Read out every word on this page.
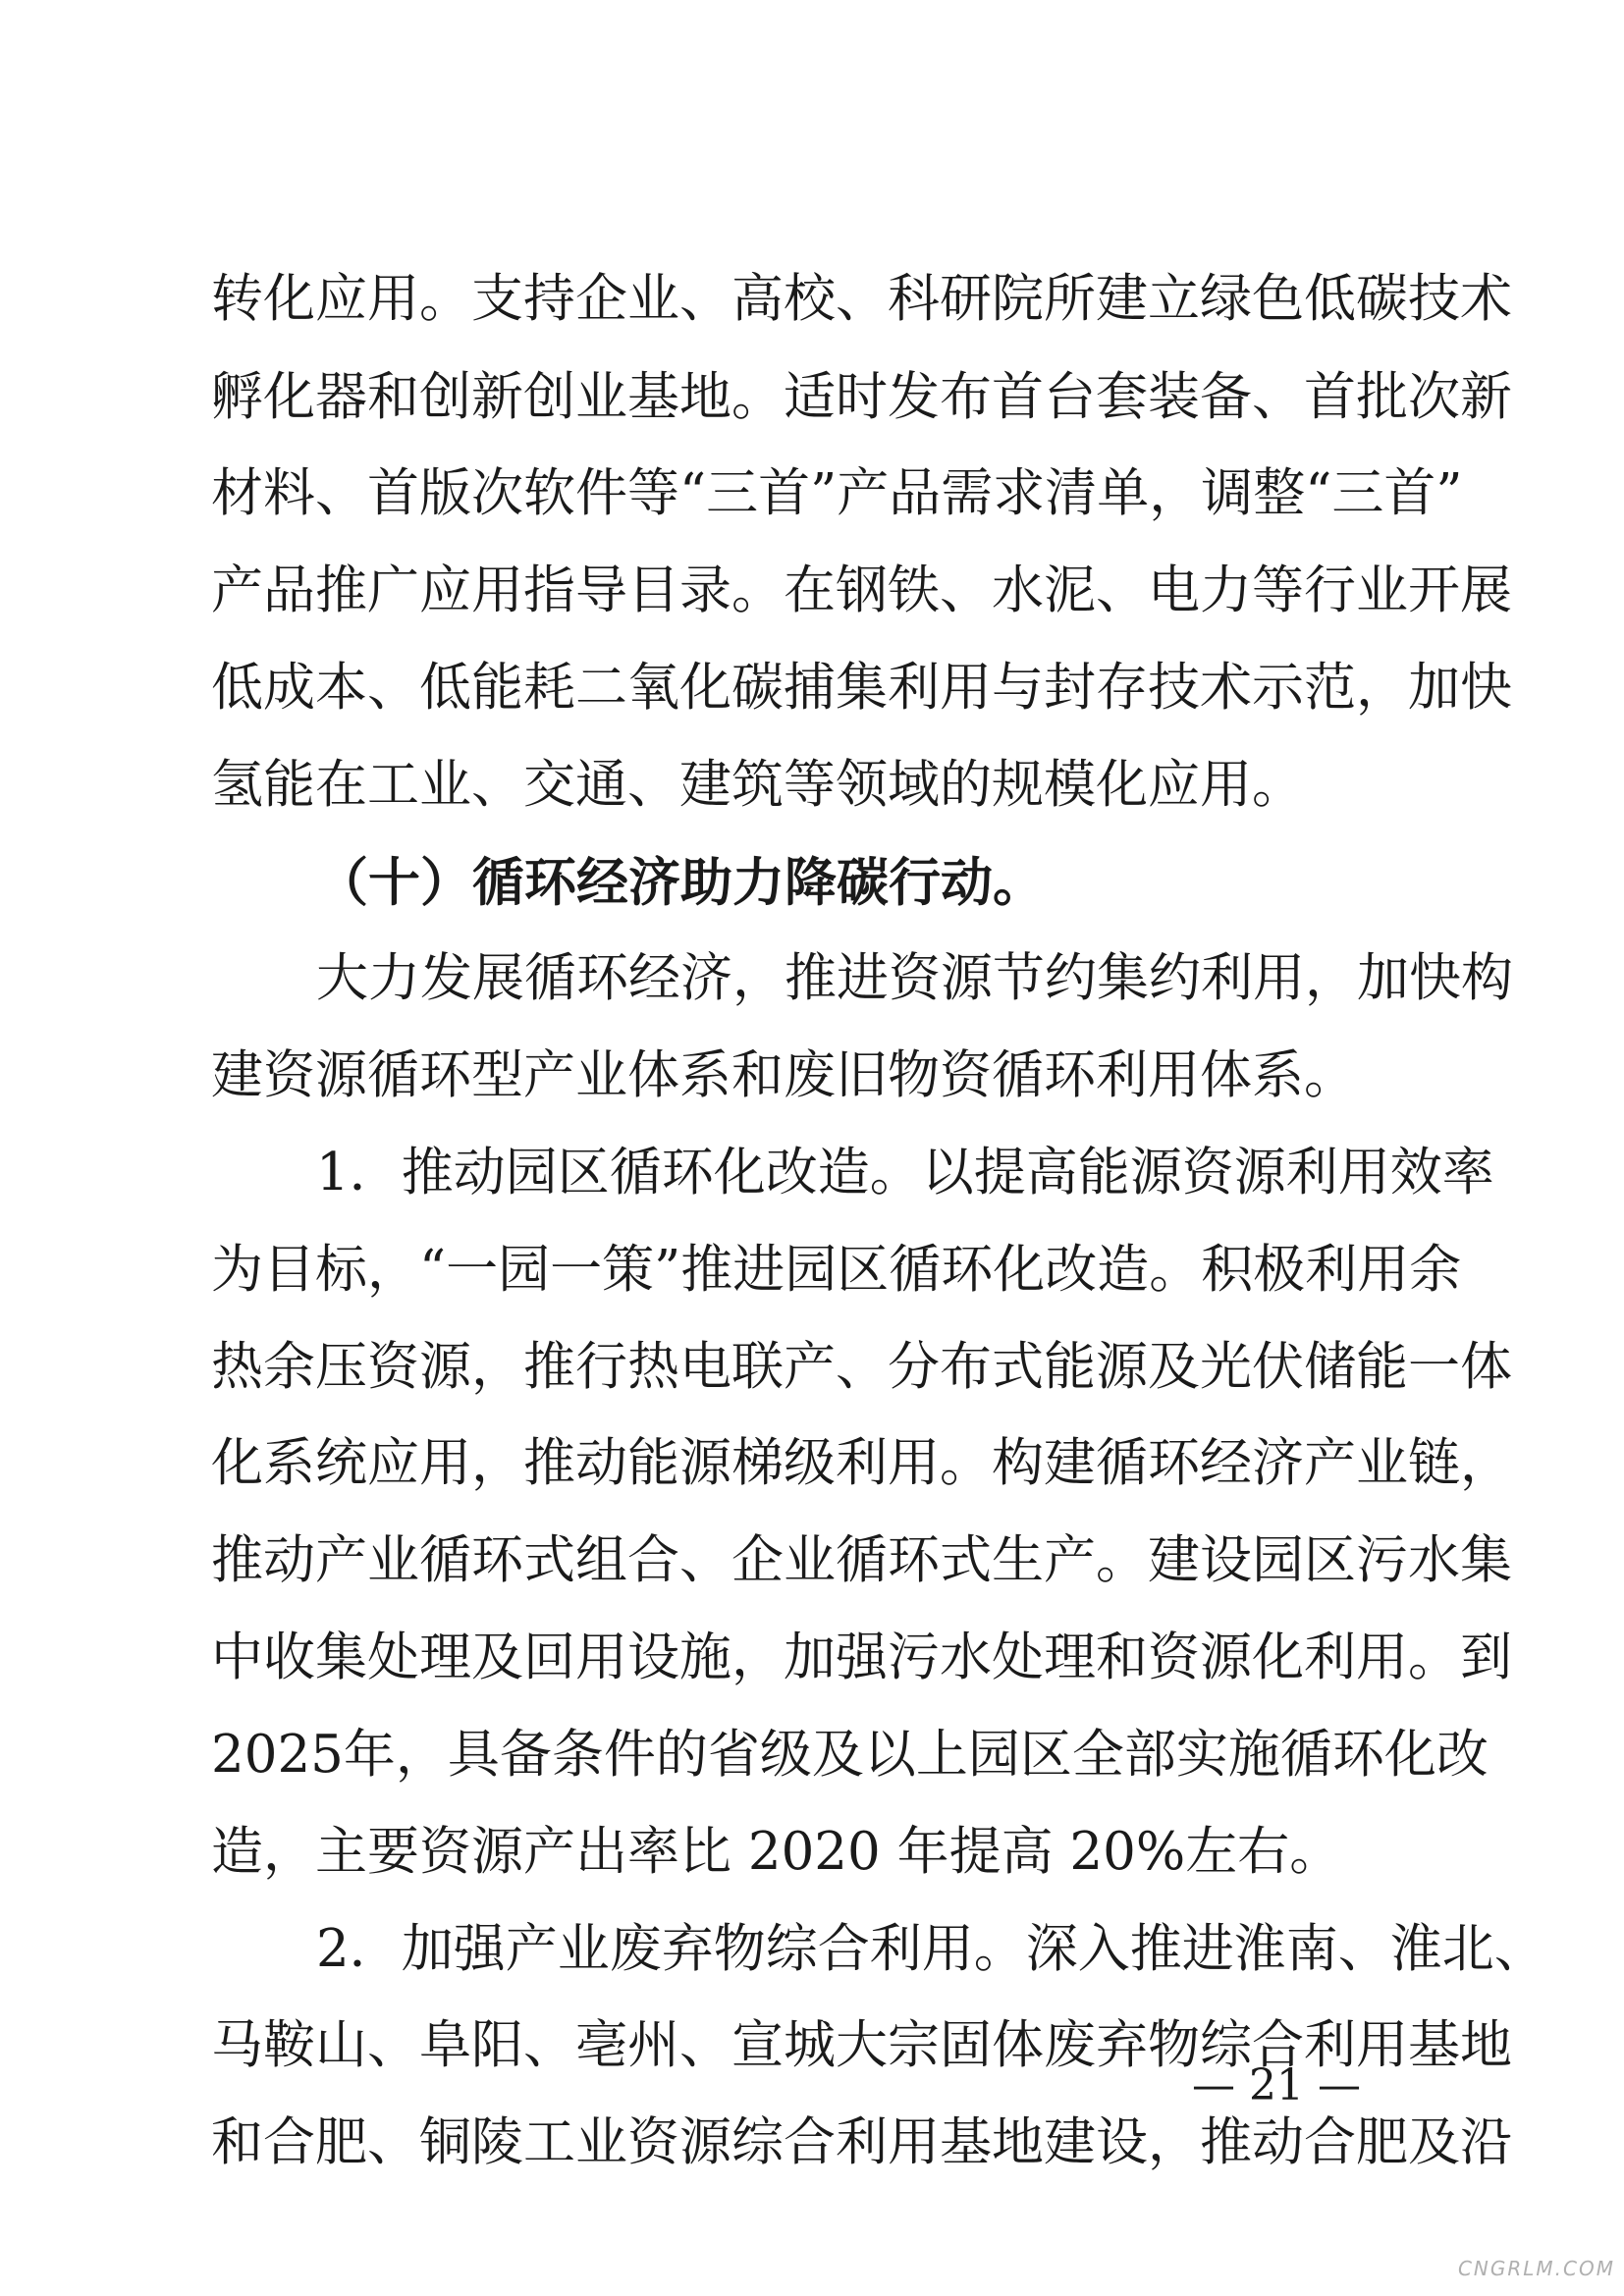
转 化 应 用 。 支 持 企 业 、 高 校 、 科 研 院 所 建 立 绿 色 低 碳 技 术
孵 化 器 和 创 新 创 业 基 地 。 适 时 发 布 首 台 套 装 备 、 首 批 次 新
材 料 、 首 版 次 软 件 等 “ 三 首 ” 产 品 需 求 清 单 ， 调 整 “ 三 首 ”
产 品 推 广 应 用 指 导 目 录 。 在 钢 铁 、 水 泥 、 电 力 等 行 业 开 展
低 成 本 、 低 能 耗 二 氧 化 碳 捕 集 利 用 与 封 存 技 术 示 范 ， 加 快
氢能在工业、交通、建筑等领域的规模化应用。
（十）循环经济助力降碳行动。
大 力 发 展 循 环 经 济 ， 推 进 资 源 节 约 集 约 利 用 ， 加 快 构
建资源循环型产业体系和废旧物资循环利用体系。
1 ． 推 动 园 区 循 环 化 改 造 。 以 提 高 能 源 资 源 利 用 效 率
为 目 标 ， “ 一 园 一 策 ” 推 进 园 区 循 环 化 改 造 。 积 极 利 用 余
热 余 压 资 源 ， 推 行 热 电 联 产 、 分 布 式 能 源 及 光 伏 储 能 一 体
化 系 统 应 用 ， 推 动 能 源 梯 级 利 用 。 构 建 循 环 经 济 产 业 链 ，
推 动 产 业 循 环 式 组 合 、 企 业 循 环 式 生 产 。 建 设 园 区 污 水 集
中 收 集 处 理 及 回 用 设 施 ， 加 强 污 水 处 理 和 资 源 化 利 用 。 到
2025 年 ， 具 备 条 件 的 省 级 及 以 上 园 区 全 部 实 施 循 环 化 改
造，主要资源产出率比 2020 年提高 20%左右。
2 ． 加 强 产 业 废 弃 物 综 合 利 用 。 深 入 推 进 淮 南 、 淮 北 、
马 鞍 山 、 阜 阳 、 亳 州 、 宣 城 大 宗 固 体 废 弃 物 综 合 利 用 基 地
和 合 肥 、 铜 陵 工 业 资 源 综 合 利 用 基 地 建 设 ， 推 动 合 肥 及 沿
— 21 —
CNGRLM.COM
